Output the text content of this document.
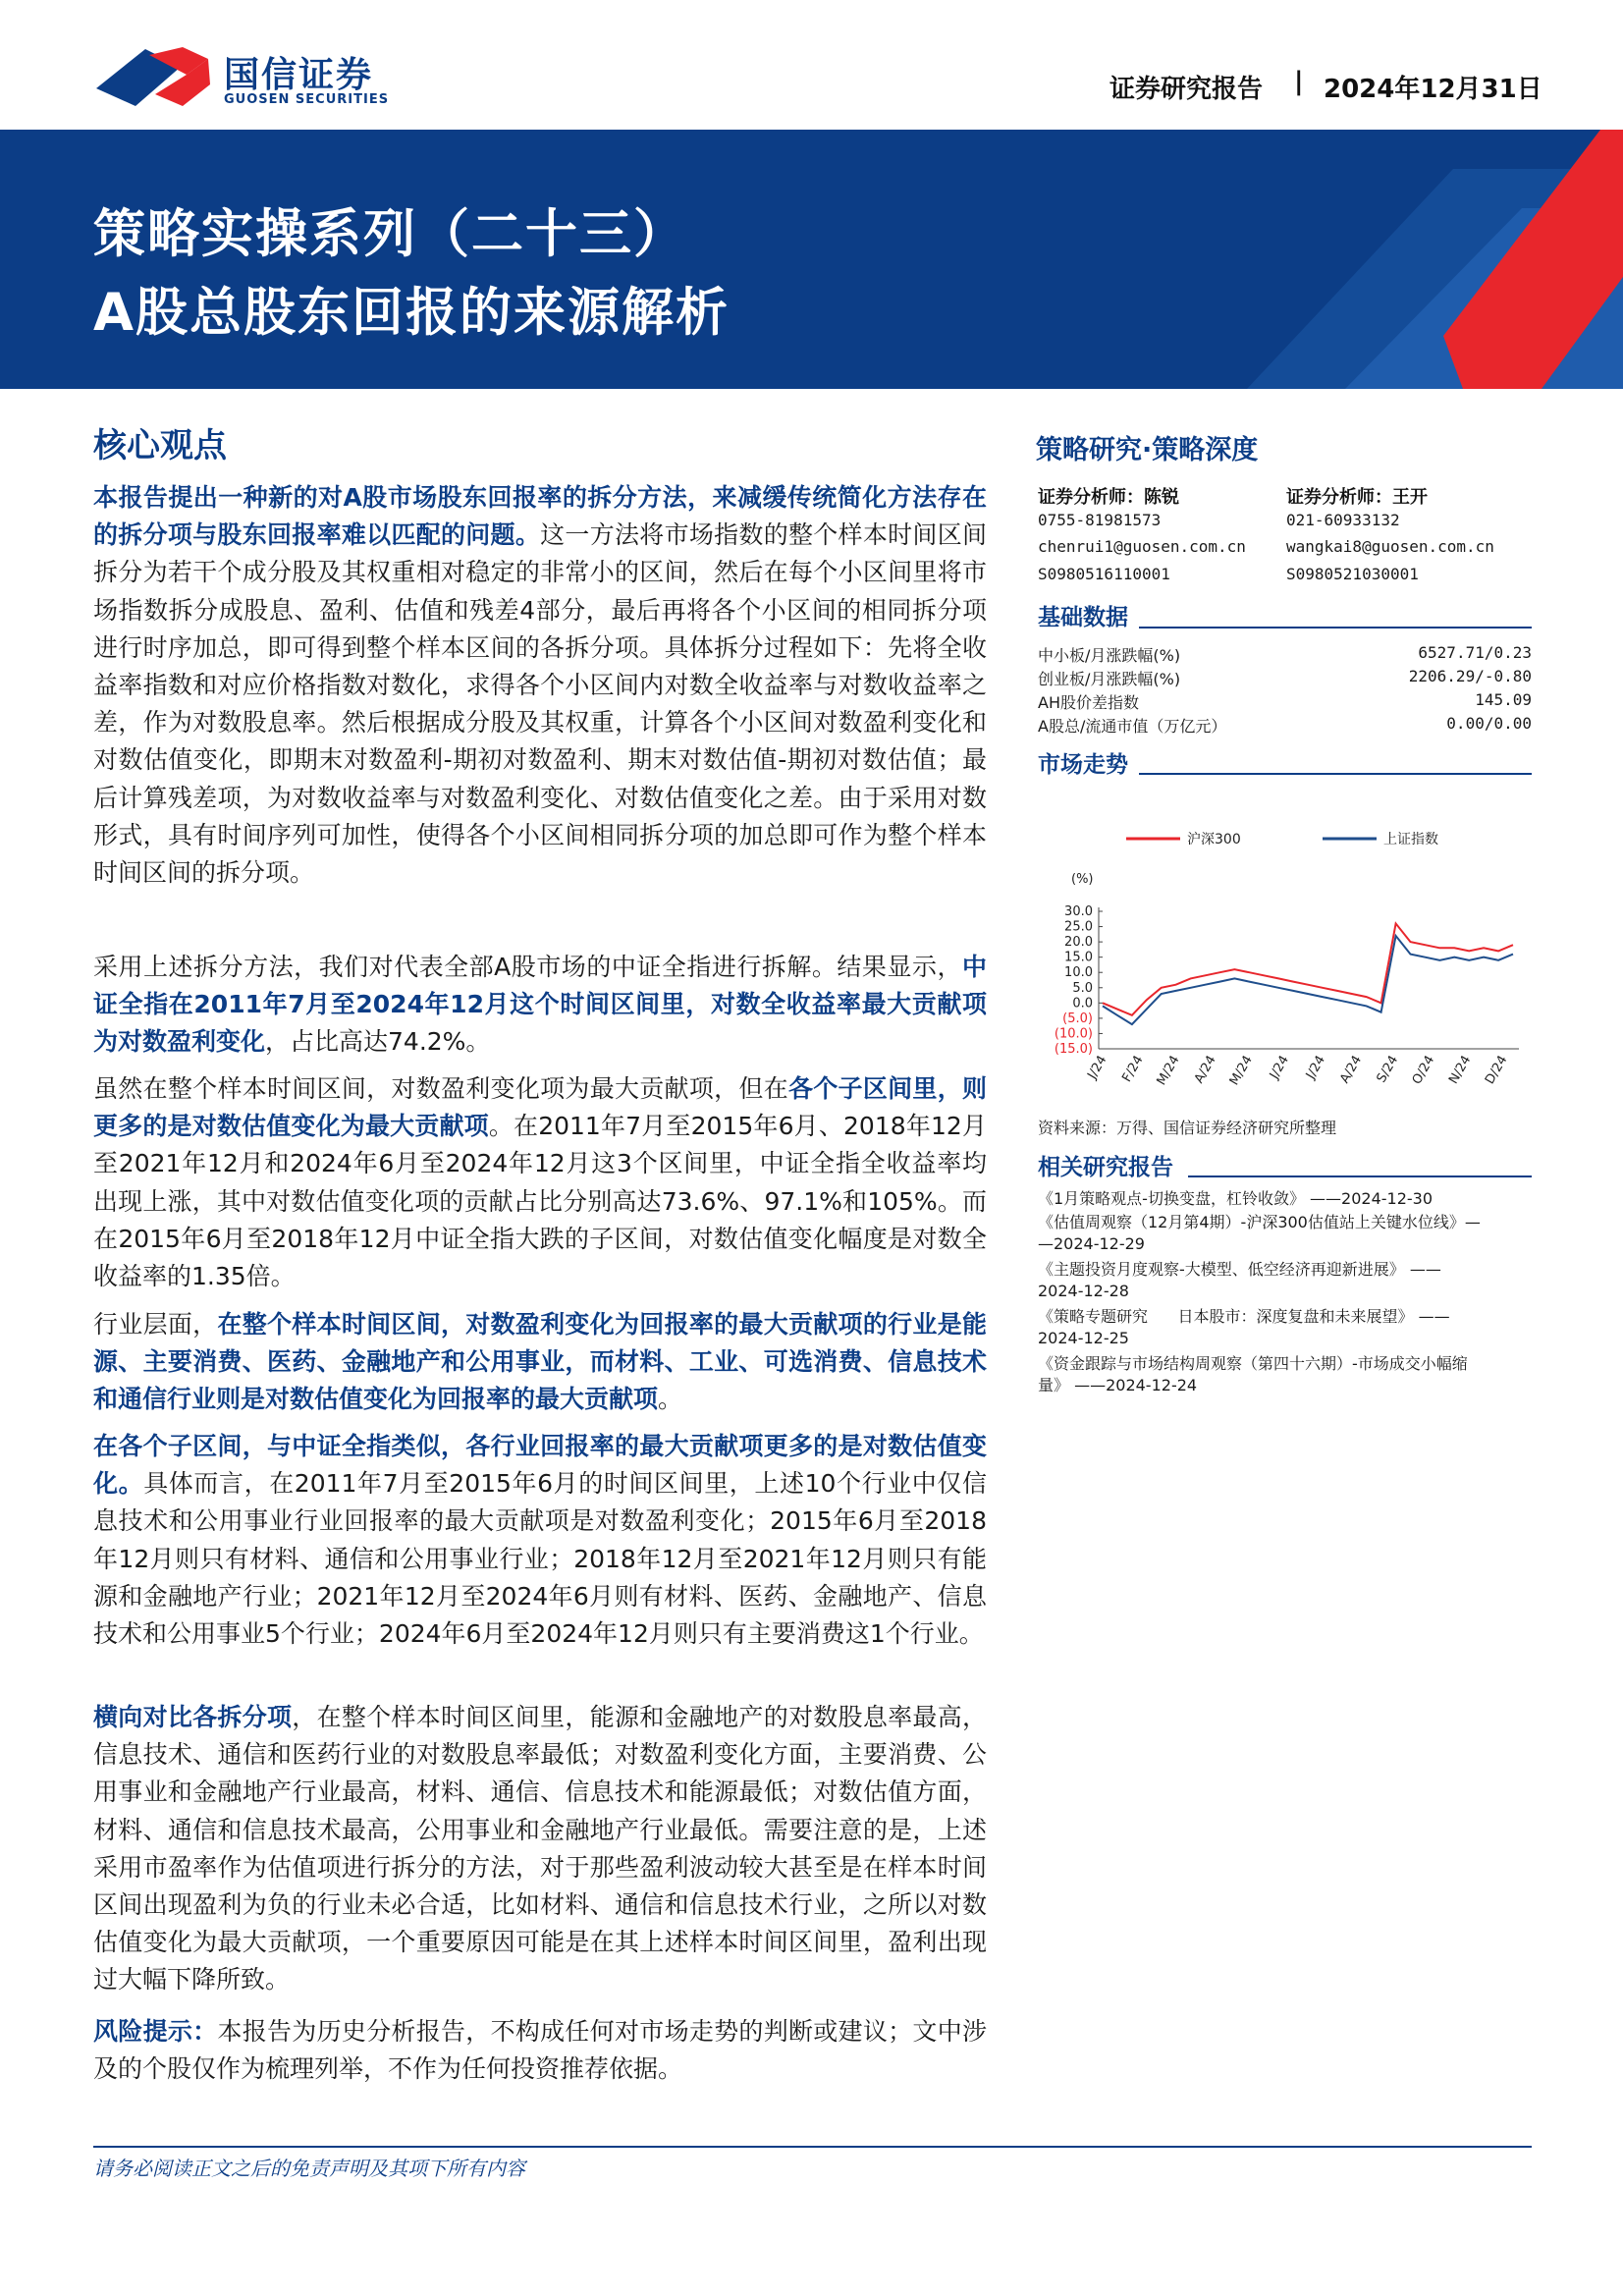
国信证券
GUOSEN SECURITIES	证券研究报告 | 2024年12月31日
策略实操系列（二十三）
A股总股东回报的来源解析
核心观点
本报告提出一种新的对A股市场股东回报率的拆分方法，来减缓传统简化方法存在的拆分项与股东回报率难以匹配的问题。这一方法将市场指数的整个样本时间区间拆分为若干个成分股及其权重相对稳定的非常小的区间，然后在每个小区间里将市场指数拆分成股息、盈利、估值和残差4部分，最后再将各个小区间的相同拆分项进行时序加总，即可得到整个样本区间的各拆分项。具体拆分过程如下：先将全收益率指数和对应价格指数对数化，求得各个小区间内对数全收益率与对数收益率之差，作为对数股息率。然后根据成分股及其权重，计算各个小区间对数盈利变化和对数估值变化，即期末对数盈利-期初对数盈利、期末对数估值-期初对数估值；最后计算残差项，为对数收益率与对数盈利变化、对数估值变化之差。由于采用对数形式，具有时间序列可加性，使得各个小区间相同拆分项的加总即可作为整个样本时间区间的拆分项。
采用上述拆分方法，我们对代表全部A股市场的中证全指进行拆解。结果显示，中证全指在2011年7月至2024年12月这个时间区间里，对数全收益率最大贡献项为对数盈利变化，占比高达74.2%。
虽然在整个样本时间区间，对数盈利变化项为最大贡献项，但在各个子区间里，则更多的是对数估值变化为最大贡献项。在2011年7月至2015年6月、2018年12月至2021年12月和2024年6月至2024年12月这3个区间里，中证全指全收益率均出现上涨，其中对数估值变化项的贡献占比分别高达73.6%、97.1%和105%。而在2015年6月至2018年12月中证全指大跌的子区间，对数估值变化幅度是对数全收益率的1.35倍。
行业层面，在整个样本时间区间，对数盈利变化为回报率的最大贡献项的行业是能源、主要消费、医药、金融地产和公用事业，而材料、工业、可选消费、信息技术和通信行业则是对数估值变化为回报率的最大贡献项。
在各个子区间，与中证全指类似，各行业回报率的最大贡献项更多的是对数估值变化。具体而言，在2011年7月至2015年6月的时间区间里，上述10个行业中仅信息技术和公用事业行业回报率的最大贡献项是对数盈利变化；2015年6月至2018年12月则只有材料、通信和公用事业行业；2018年12月至2021年12月则只有能源和金融地产行业；2021年12月至2024年6月则有材料、医药、金融地产、信息技术和公用事业5个行业；2024年6月至2024年12月则只有主要消费这1个行业。
横向对比各拆分项，在整个样本时间区间里，能源和金融地产的对数股息率最高，信息技术、通信和医药行业的对数股息率最低；对数盈利变化方面，主要消费、公用事业和金融地产行业最高，材料、通信、信息技术和能源最低；对数估值方面，材料、通信和信息技术最高，公用事业和金融地产行业最低。需要注意的是，上述采用市盈率作为估值项进行拆分的方法，对于那些盈利波动较大甚至是在样本时间区间出现盈利为负的行业未必合适，比如材料、通信和信息技术行业，之所以对数估值变化为最大贡献项，一个重要原因可能是在其上述样本时间区间里，盈利出现过大幅下降所致。
风险提示：本报告为历史分析报告，不构成任何对市场走势的判断或建议；文中涉及的个股仅作为梳理列举，不作为任何投资推荐依据。
策略研究·策略深度
证券分析师：陈锐
0755-81981573
chenrui1@guosen.com.cn
S0980516110001
证券分析师：王开
021-60933132
wangkai8@guosen.com.cn
S0980521030001
基础数据
中小板/月涨跌幅(%)	6527.71/0.23
创业板/月涨跌幅(%)	2206.29/-0.80
AH股价差指数	145.09
A股总/流通市值（万亿元）	0.00/0.00
市场走势
沪深300	上证指数
(%)
30.0
25.0
20.0
15.0
10.0
5.0
0.0
(5.0)
(10.0)
(15.0)
J/24 F/24 M/24 A/24 M/24 J/24 J/24 A/24 S/24 O/24 N/24 D/24
资料来源：万得、国信证券经济研究所整理
相关研究报告
《1月策略观点-切换变盘，杠铃收敛》 ——2024-12-30
《估值周观察（12月第4期）-沪深300估值站上关键水位线》—
—2024-12-29
《主题投资月度观察-大模型、低空经济再迎新进展》 ——
2024-12-28
《策略专题研究      日本股市：深度复盘和未来展望》 ——
2024-12-25
《资金跟踪与市场结构周观察（第四十六期）-市场成交小幅缩
量》 ——2024-12-24
请务必阅读正文之后的免责声明及其项下所有内容
